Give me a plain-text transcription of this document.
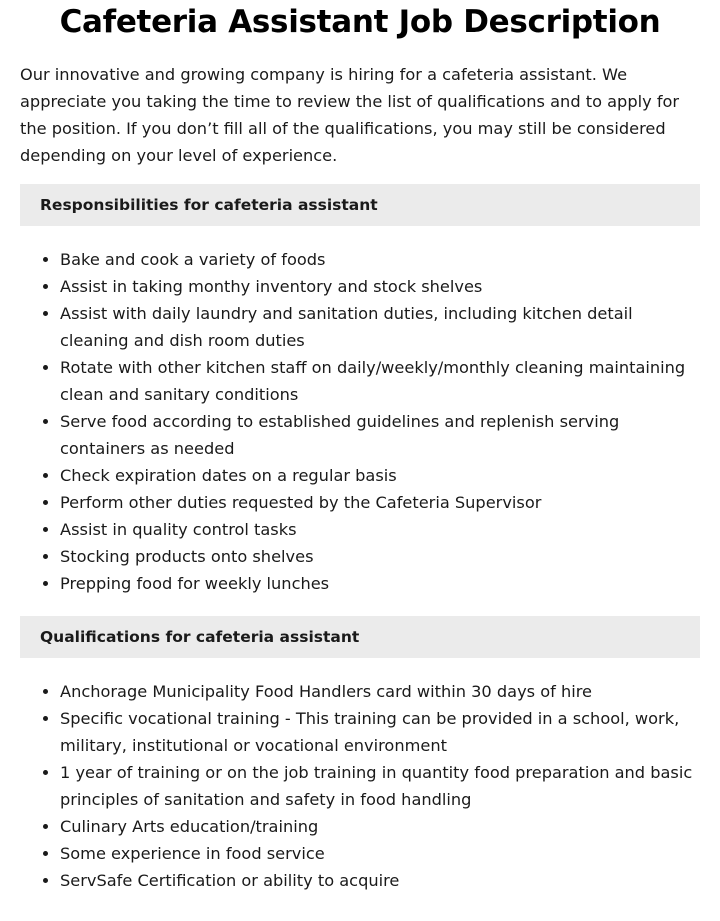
Cafeteria Assistant Job Description

Our innovative and growing company is hiring for a cafeteria assistant. We appreciate you taking the time to review the list of qualifications and to apply for the position. If you don’t fill all of the qualifications, you may still be considered depending on your level of experience.

Responsibilities for cafeteria assistant
• Bake and cook a variety of foods
• Assist in taking monthy inventory and stock shelves
• Assist with daily laundry and sanitation duties, including kitchen detail cleaning and dish room duties
• Rotate with other kitchen staff on daily/weekly/monthly cleaning maintaining clean and sanitary conditions
• Serve food according to established guidelines and replenish serving containers as needed
• Check expiration dates on a regular basis
• Perform other duties requested by the Cafeteria Supervisor
• Assist in quality control tasks
• Stocking products onto shelves
• Prepping food for weekly lunches
Qualifications for cafeteria assistant
• Anchorage Municipality Food Handlers card within 30 days of hire
• Specific vocational training - This training can be provided in a school, work, military, institutional or vocational environment
• 1 year of training or on the job training in quantity food preparation and basic principles of sanitation and safety in food handling
• Culinary Arts education/training
• Some experience in food service
• ServSafe Certification or ability to acquire
